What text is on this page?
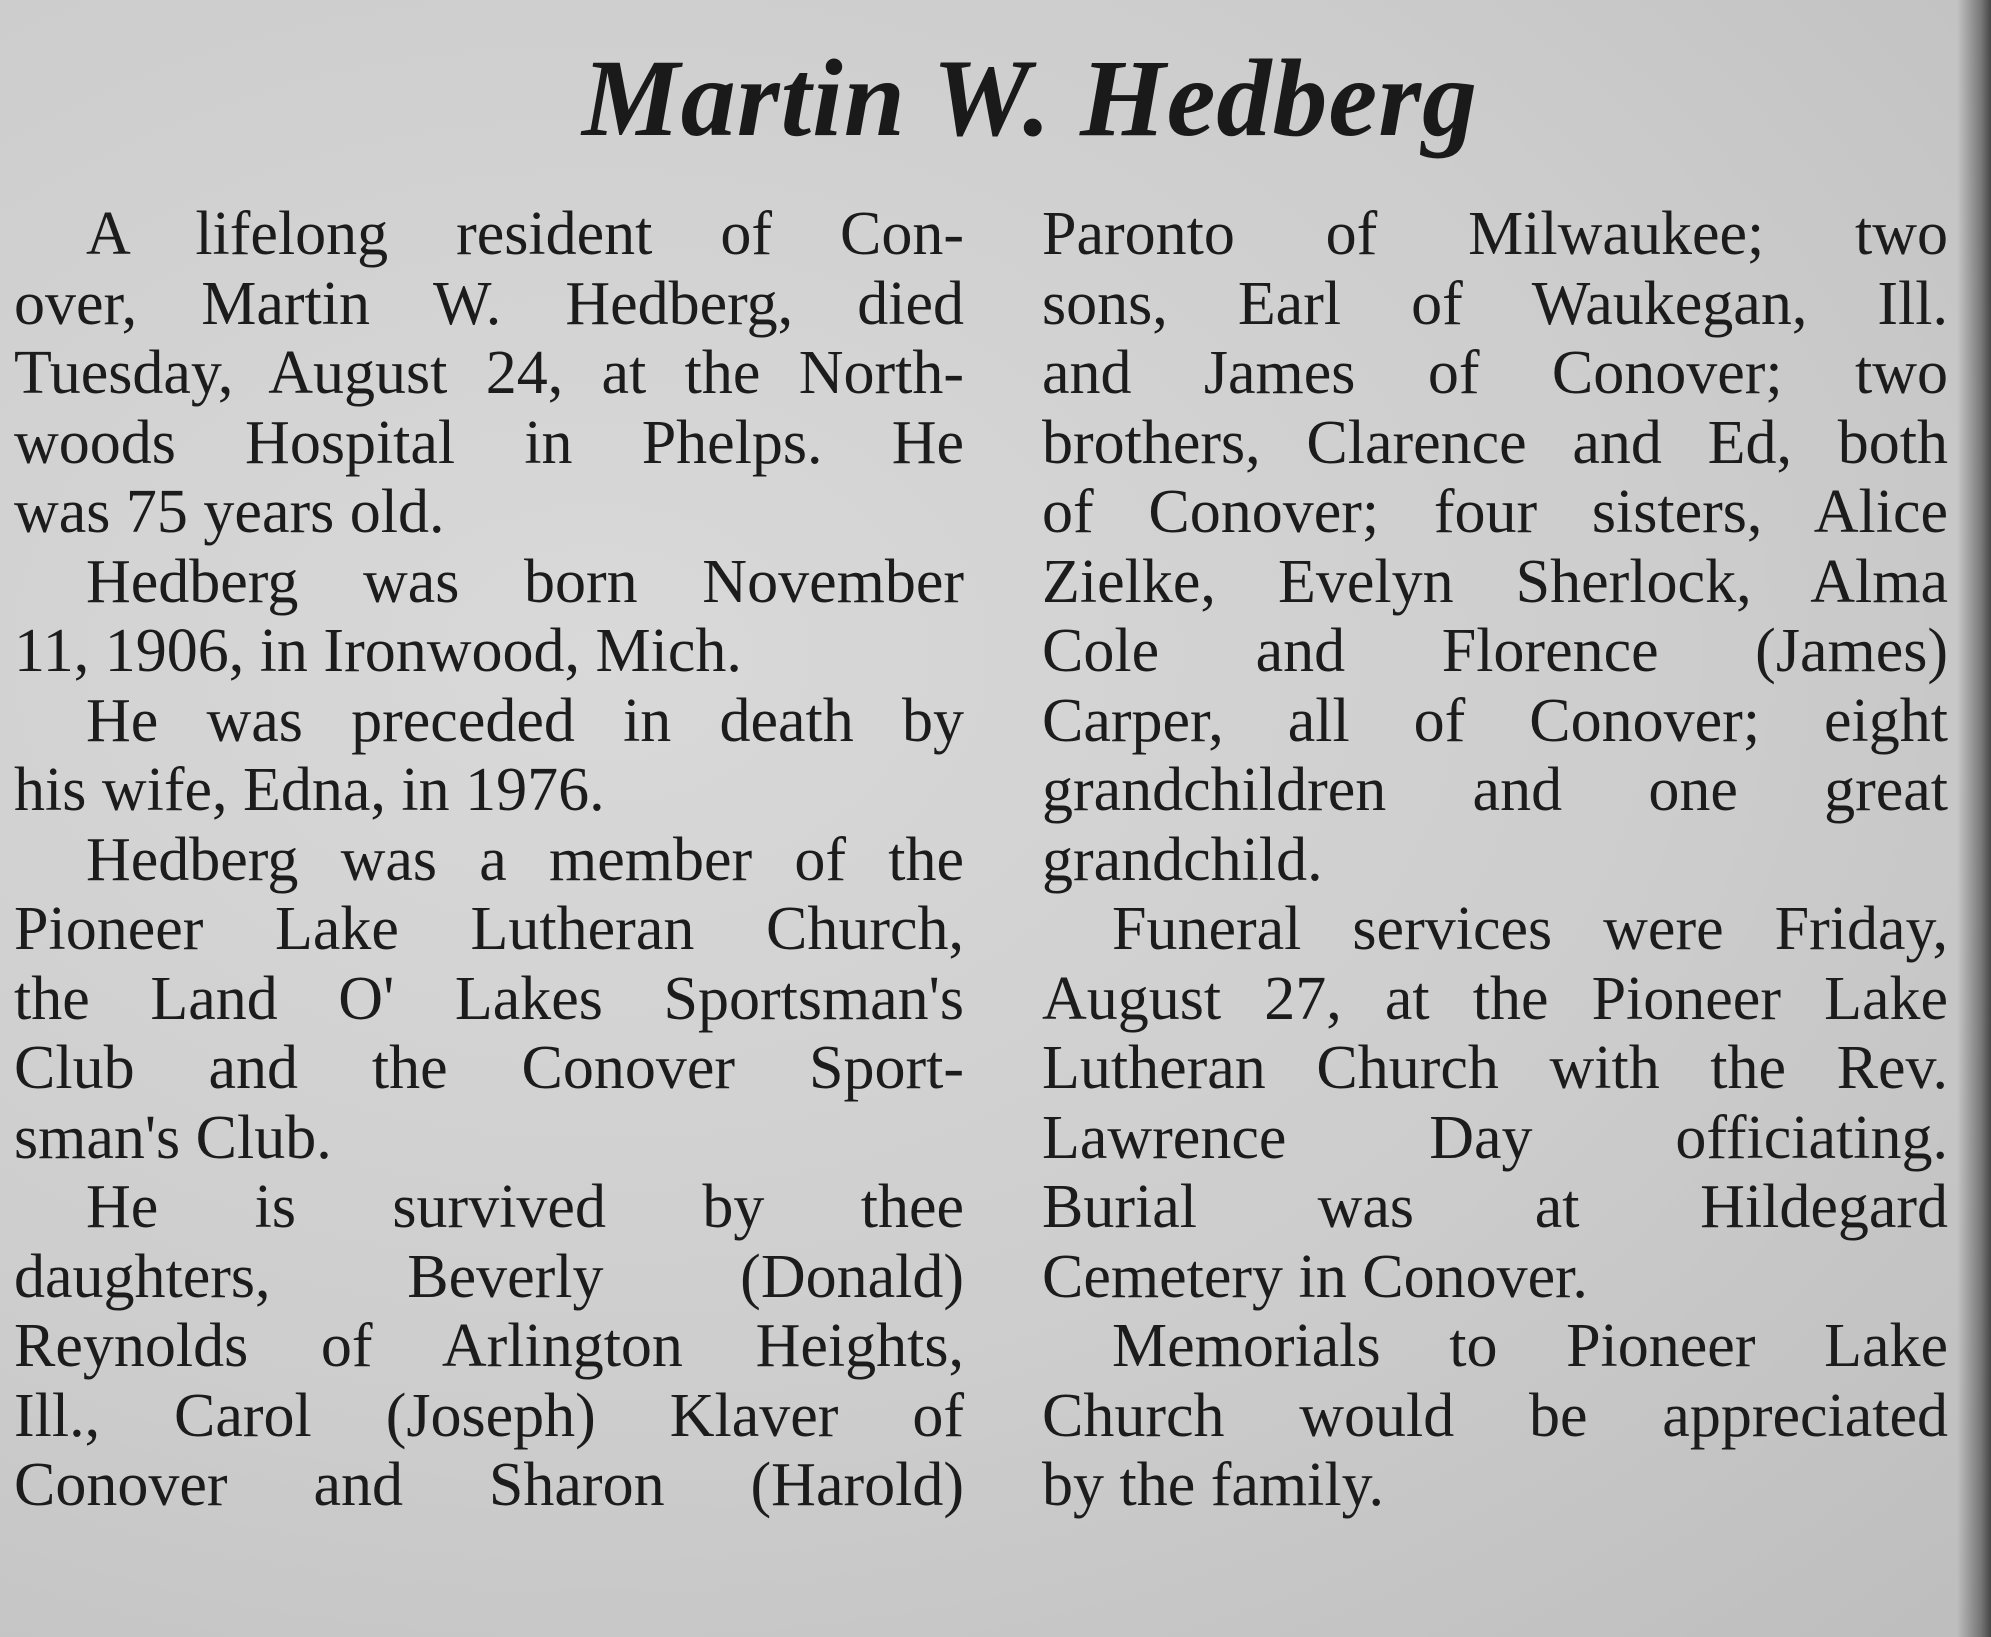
Martin W. Hedberg
A lifelong resident of Con-
over, Martin W. Hedberg, died
Tuesday, August 24, at the North-
woods Hospital in Phelps. He
was 75 years old.
Hedberg was born November
11, 1906, in Ironwood, Mich.
He was preceded in death by
his wife, Edna, in 1976.
Hedberg was a member of the
Pioneer Lake Lutheran Church,
the Land O' Lakes Sportsman's
Club and the Conover Sport-
sman's Club.
He is survived by thee
daughters, Beverly (Donald)
Reynolds of Arlington Heights,
Ill., Carol (Joseph) Klaver of
Conover and Sharon (Harold)
Paronto of Milwaukee; two
sons, Earl of Waukegan, Ill.
and James of Conover; two
brothers, Clarence and Ed, both
of Conover; four sisters, Alice
Zielke, Evelyn Sherlock, Alma
Cole and Florence (James)
Carper, all of Conover; eight
grandchildren and one great
grandchild.
Funeral services were Friday,
August 27, at the Pioneer Lake
Lutheran Church with the Rev.
Lawrence Day officiating.
Burial was at Hildegard
Cemetery in Conover.
Memorials to Pioneer Lake
Church would be appreciated
by the family.
